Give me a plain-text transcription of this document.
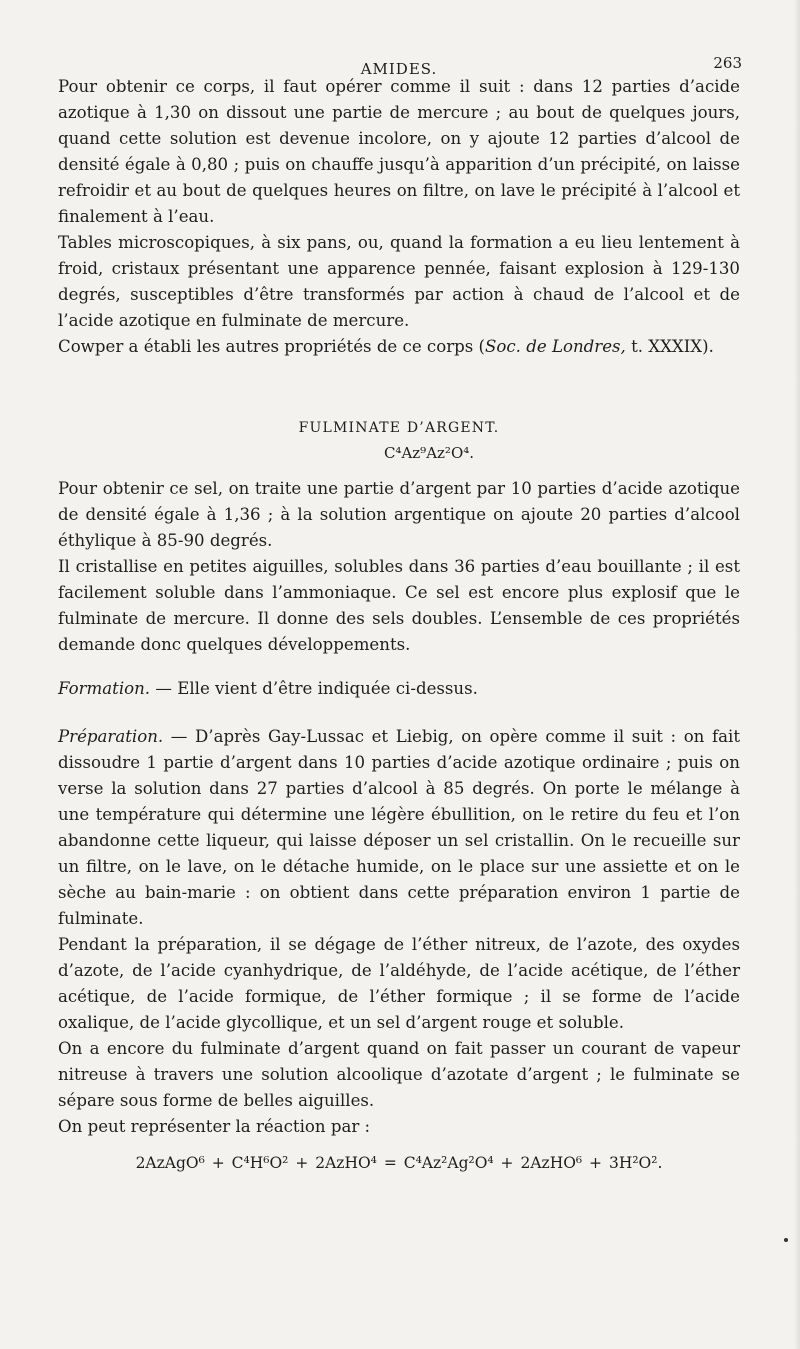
AMIDES.	263

Pour obtenir ce corps, il faut opérer comme il suit : dans 12 parties d’acide azotique à 1,30 on dissout une partie de mercure ; au bout de quelques jours, quand cette solution est devenue incolore, on y ajoute 12 parties d’alcool de densité égale à 0,80 ; puis on chauffe jusqu’à apparition d’un précipité, on laisse refroidir et au bout de quelques heures on filtre, on lave le précipité à l’alcool et finalement à l’eau.

Tables microscopiques, à six pans, ou, quand la formation a eu lieu lentement à froid, cristaux présentant une apparence pennée, faisant explosion à 129-130 degrés, susceptibles d’être transformés par action à chaud de l’alcool et de l’acide azotique en fulminate de mercure.

Cowper a établi les autres propriétés de ce corps (Soc. de Londres, t. XXXIX).

FULMINATE D’ARGENT.
C⁴Az⁹Az²O⁴.

Pour obtenir ce sel, on traite une partie d’argent par 10 parties d’acide azotique de densité égale à 1,36 ; à la solution argentique on ajoute 20 parties d’alcool éthylique à 85-90 degrés.

Il cristallise en petites aiguilles, solubles dans 36 parties d’eau bouillante ; il est facilement soluble dans l’ammoniaque. Ce sel est encore plus explosif que le fulminate de mercure. Il donne des sels doubles. L’ensemble de ces propriétés demande donc quelques développements.

Formation. — Elle vient d’être indiquée ci-dessus.

Préparation. — D’après Gay-Lussac et Liebig, on opère comme il suit : on fait dissoudre 1 partie d’argent dans 10 parties d’acide azotique ordinaire ; puis on verse la solution dans 27 parties d’alcool à 85 degrés. On porte le mélange à une température qui détermine une légère ébullition, on le retire du feu et l’on abandonne cette liqueur, qui laisse déposer un sel cristallin. On le recueille sur un filtre, on le lave, on le détache humide, on le place sur une assiette et on le sèche au bain-marie : on obtient dans cette préparation environ 1 partie de fulminate.

Pendant la préparation, il se dégage de l’éther nitreux, de l’azote, des oxydes d’azote, de l’acide cyanhydrique, de l’aldéhyde, de l’acide acétique, de l’éther acétique, de l’acide formique, de l’éther formique ; il se forme de l’acide oxalique, de l’acide glycollique, et un sel d’argent rouge et soluble.

On a encore du fulminate d’argent quand on fait passer un courant de vapeur nitreuse à travers une solution alcoolique d’azotate d’argent ; le fulminate se sépare sous forme de belles aiguilles.

On peut représenter la réaction par :

2AzAgO⁶ + C⁴H⁶O² + 2AzHO⁴ = C⁴Az²Ag²O⁴ + 2AzHO⁶ + 3H²O².
